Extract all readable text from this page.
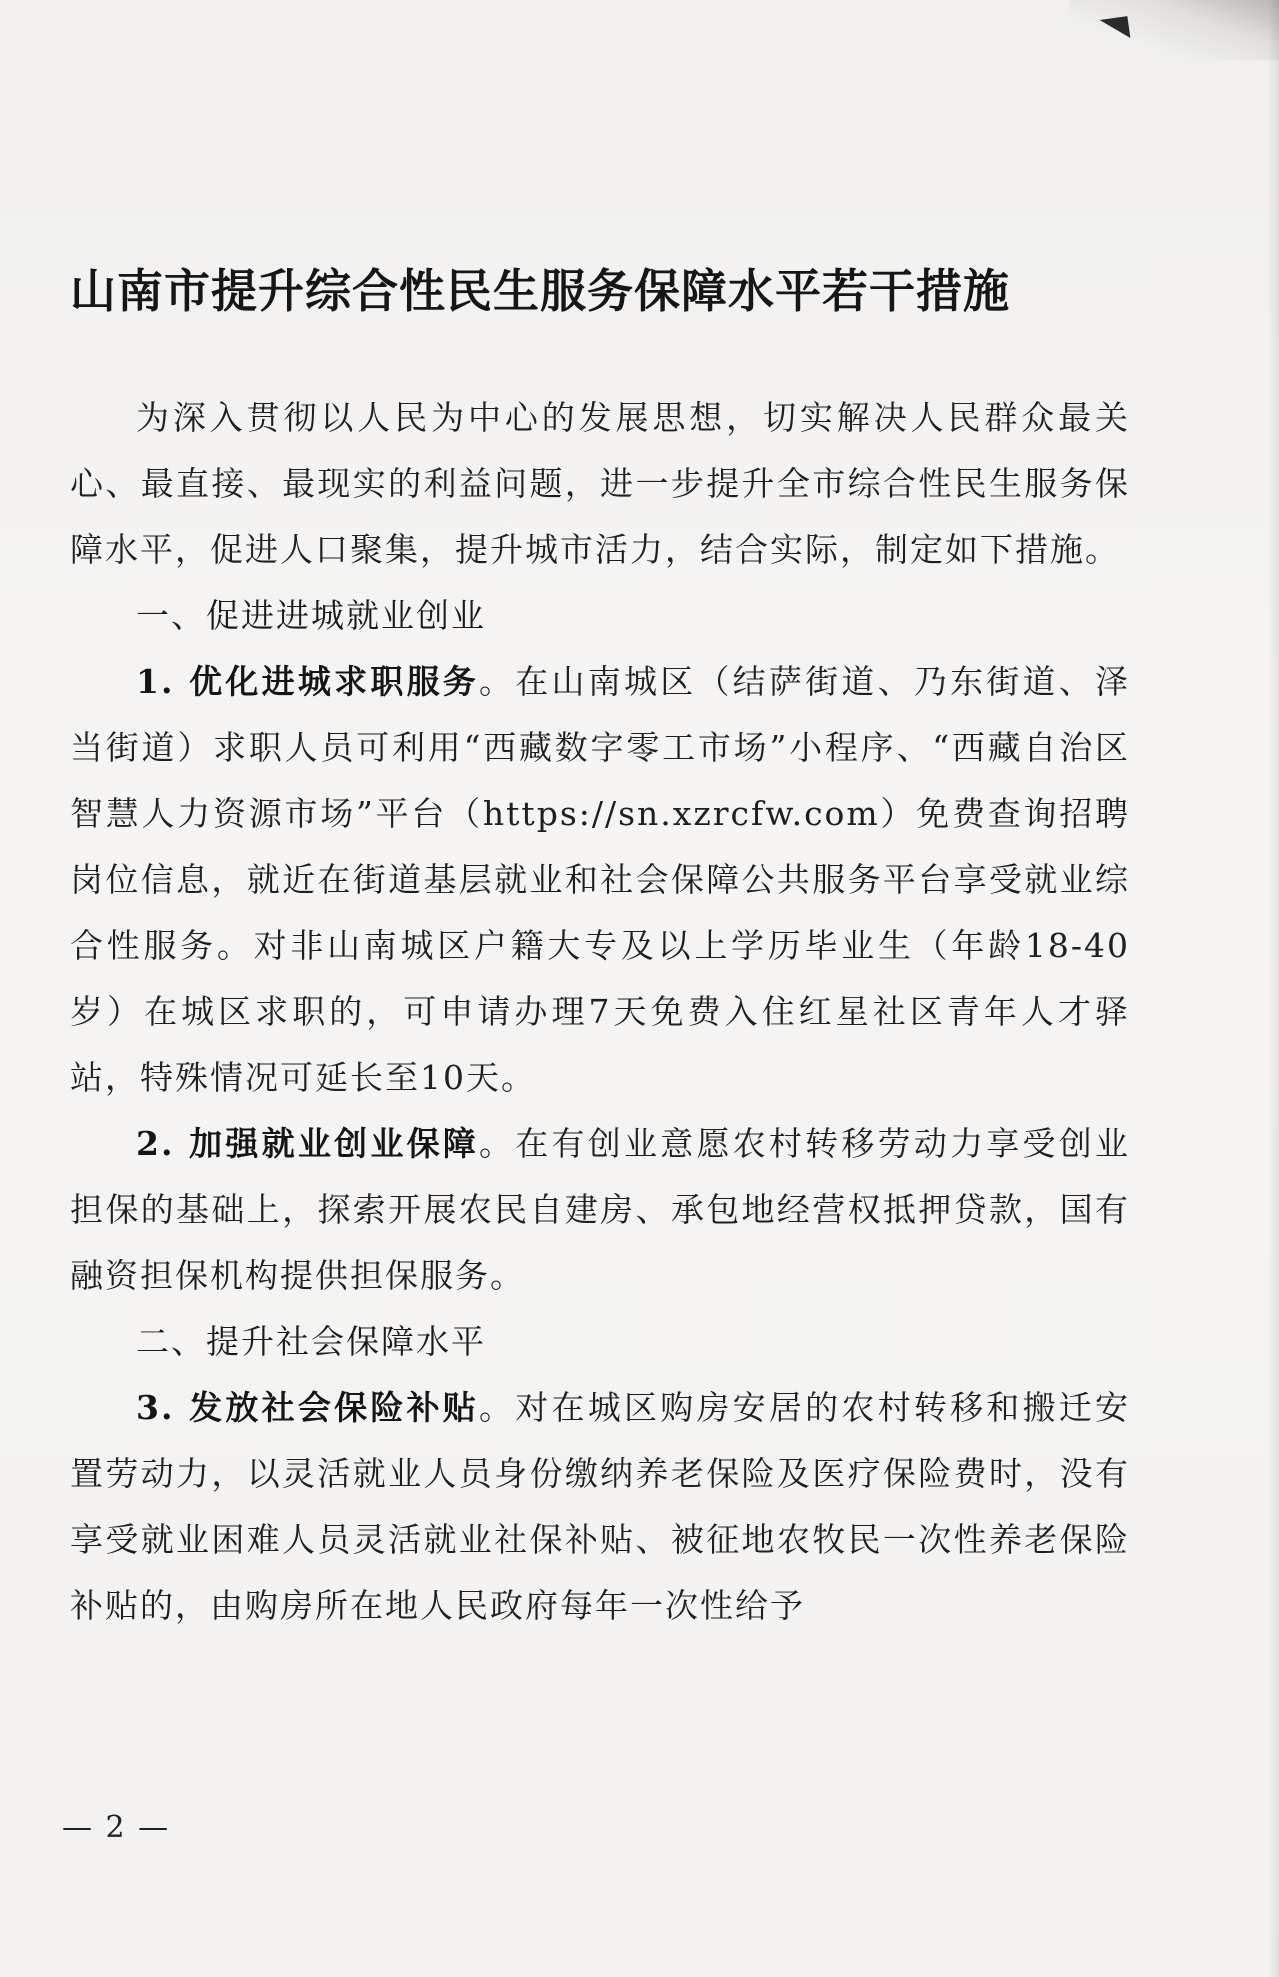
山南市提升综合性民生服务保障水平若干措施

为深入贯彻以人民为中心的发展思想，切实解决人民群众最关心、最直接、最现实的利益问题，进一步提升全市综合性民生服务保障水平，促进人口聚集，提升城市活力，结合实际，制定如下措施。

一、促进进城就业创业

1. 优化进城求职服务。在山南城区（结萨街道、乃东街道、泽当街道）求职人员可利用“西藏数字零工市场”小程序、“西藏自治区智慧人力资源市场”平台（https://sn.xzrcfw.com）免费查询招聘岗位信息，就近在街道基层就业和社会保障公共服务平台享受就业综合性服务。对非山南城区户籍大专及以上学历毕业生（年龄18-40岁）在城区求职的，可申请办理7天免费入住红星社区青年人才驿站，特殊情况可延长至10天。

2. 加强就业创业保障。在有创业意愿农村转移劳动力享受创业担保的基础上，探索开展农民自建房、承包地经营权抵押贷款，国有融资担保机构提供担保服务。

二、提升社会保障水平

3. 发放社会保险补贴。对在城区购房安居的农村转移和搬迁安置劳动力，以灵活就业人员身份缴纳养老保险及医疗保险费时，没有享受就业困难人员灵活就业社保补贴、被征地农牧民一次性养老保险补贴的，由购房所在地人民政府每年一次性给予

— 2 —
